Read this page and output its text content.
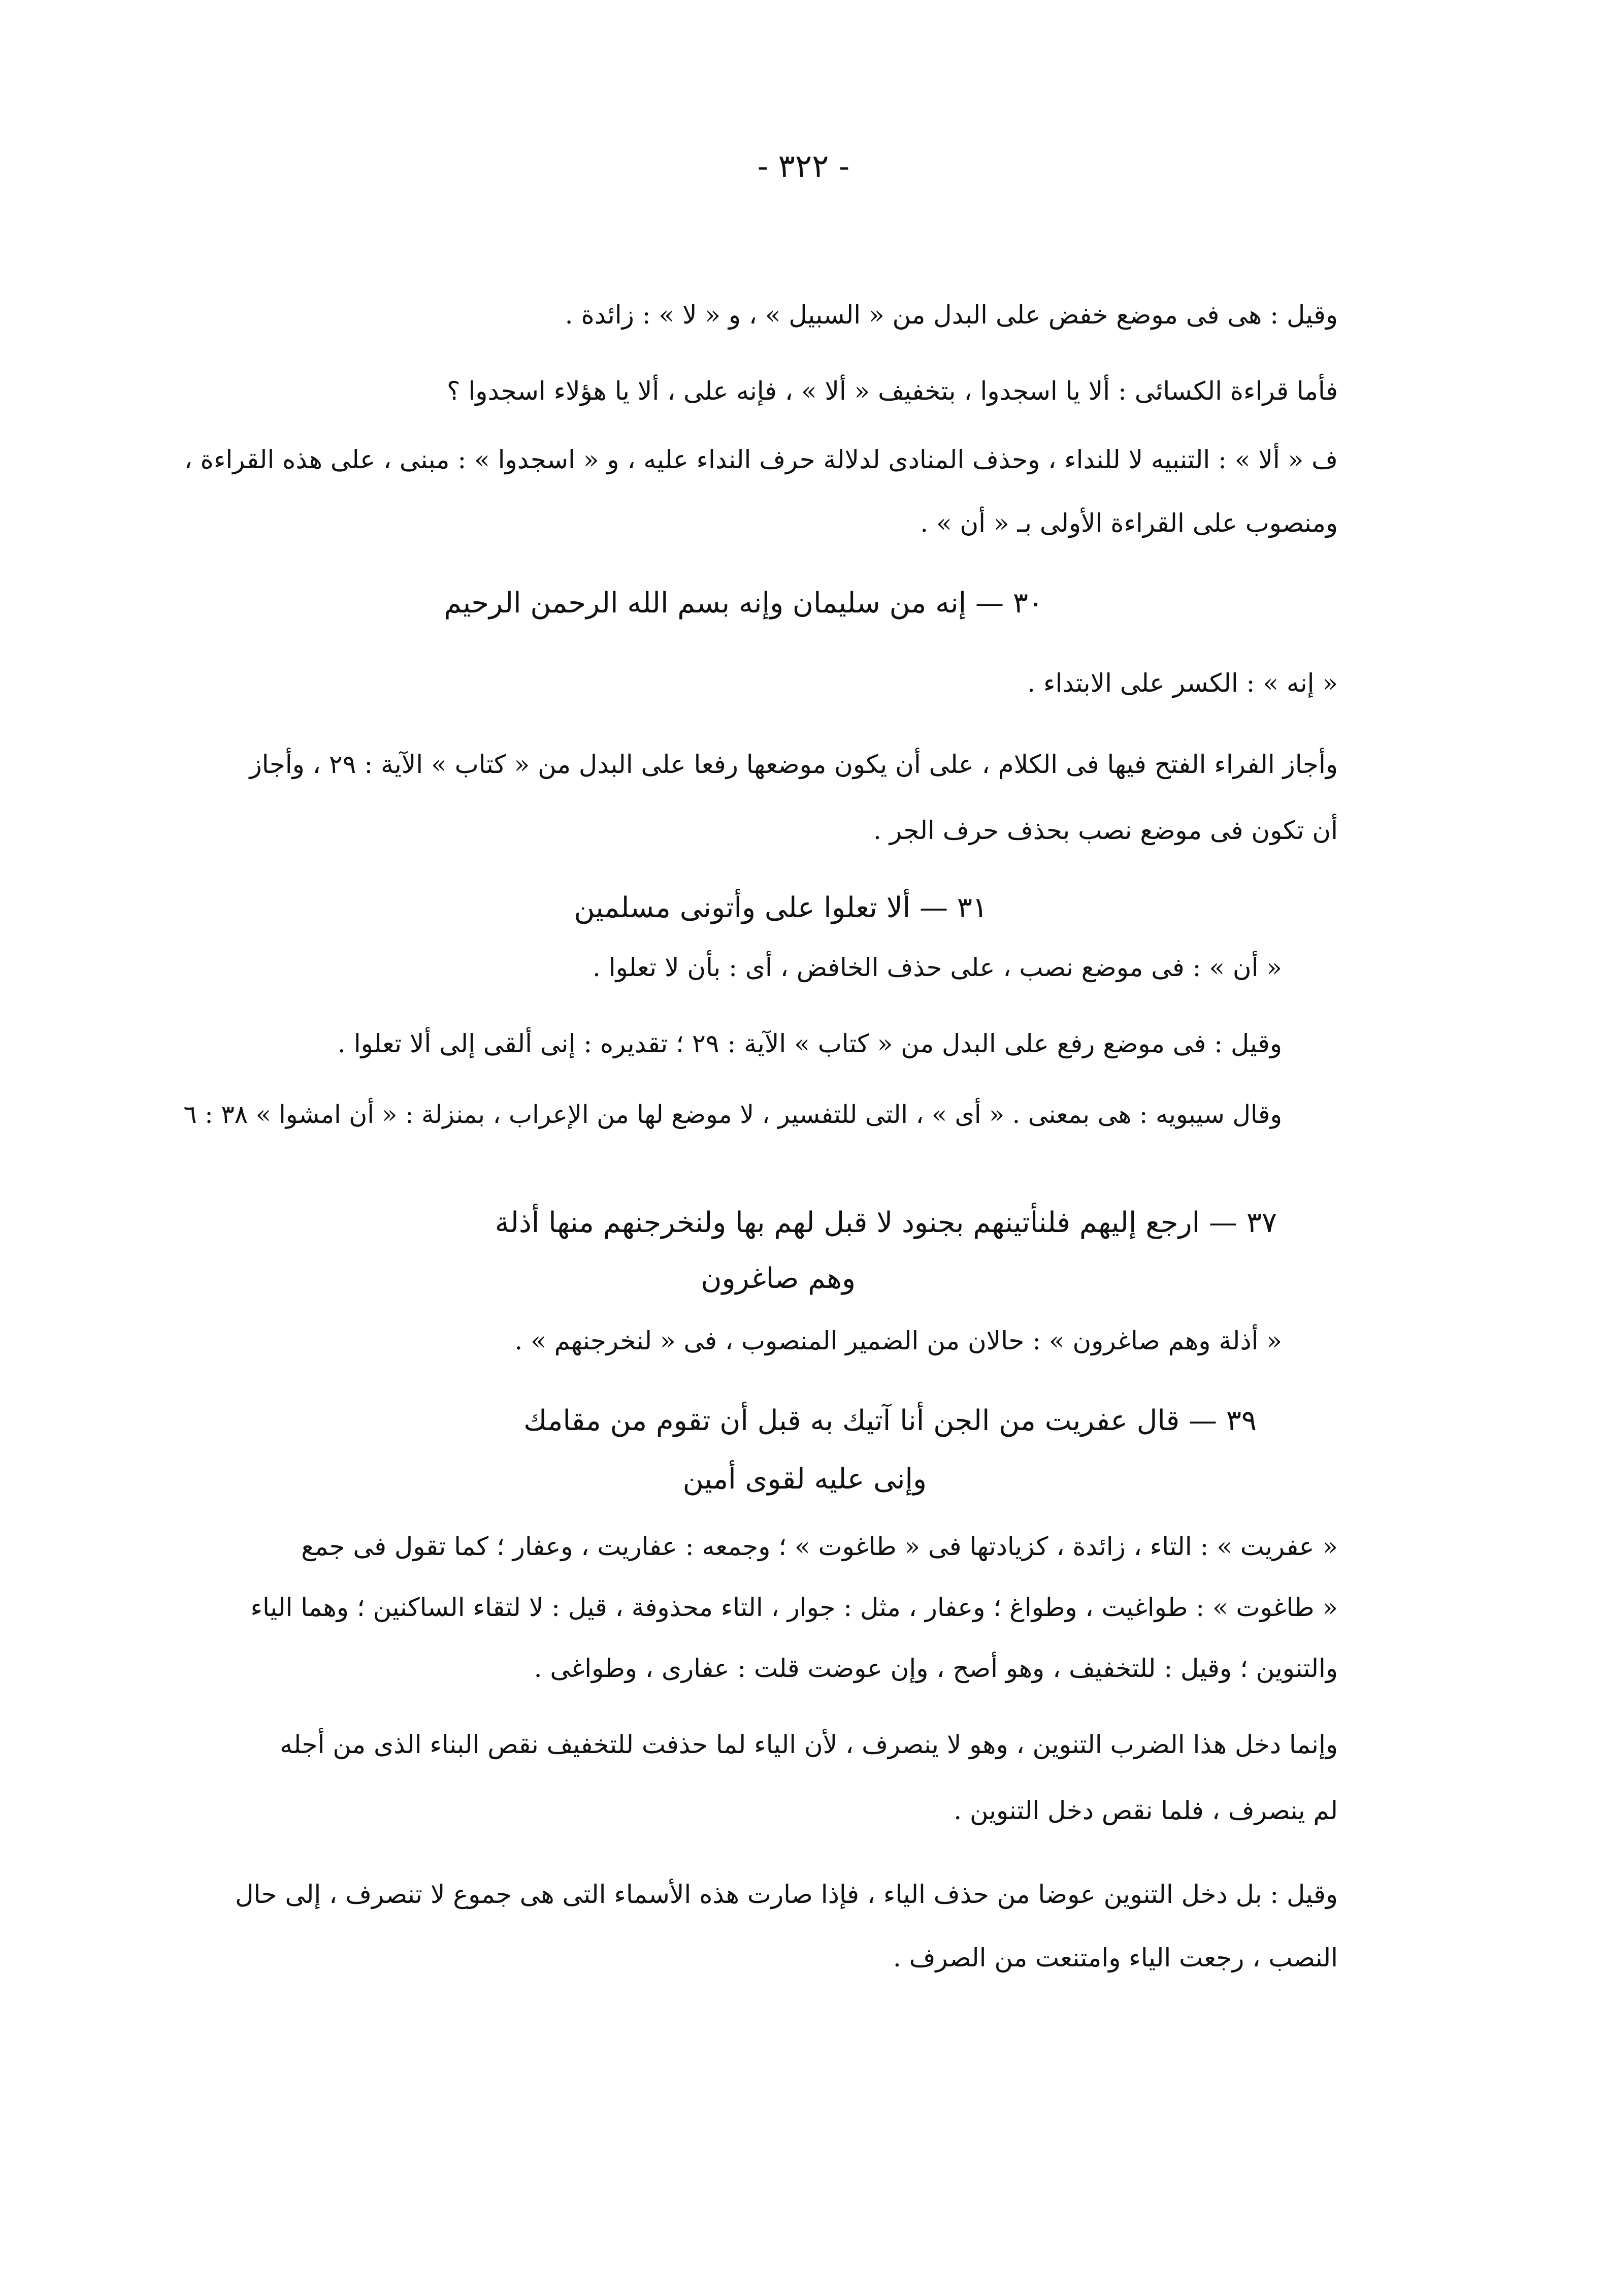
- ٣٢٢ -
وقيل : هى فى موضع خفض على البدل من « السبيل » ، و « لا » : زائدة .
فأما قراءة الكسائى : ألا يا اسجدوا ، بتخفيف « ألا » ، فإنه على ، ألا يا هؤلاء اسجدوا ؟
ف « ألا » : التنبيه لا للنداء ، وحذف المنادى لدلالة حرف النداء عليه ، و « اسجدوا » : مبنى ، على هذه القراءة ،
ومنصوب على القراءة الأولى بـ « أن » .
٣٠ — إنه من سليمان وإنه بسم الله الرحمن الرحيم
« إنه » : الكسر على الابتداء .
وأجاز الفراء الفتح فيها فى الكلام ، على أن يكون موضعها رفعا على البدل من « كتاب » الآية : ٢٩ ، وأجاز
أن تكون فى موضع نصب بحذف حرف الجر .
٣١ — ألا تعلوا على وأتونى مسلمين
« أن » : فى موضع نصب ، على حذف الخافض ، أى : بأن لا تعلوا .
وقيل : فى موضع رفع على البدل من « كتاب » الآية : ٢٩ ؛ تقديره : إنى ألقى إلى ألا تعلوا .
وقال سيبويه : هى بمعنى . « أى » ، التى للتفسير ، لا موضع لها من الإعراب ، بمنزلة : « أن امشوا » ٣٨ : ٦
٣٧ — ارجع إليهم فلنأتينهم بجنود لا قبل لهم بها ولنخرجنهم منها أذلة
وهم صاغرون
« أذلة وهم صاغرون » : حالان من الضمير المنصوب ، فى « لنخرجنهم » .
٣٩ — قال عفريت من الجن أنا آتيك به قبل أن تقوم من مقامك
وإنى عليه لقوى أمين
« عفريت » : التاء ، زائدة ، كزيادتها فى « طاغوت » ؛ وجمعه : عفاريت ، وعفار ؛ كما تقول فى جمع
« طاغوت » : طواغيت ، وطواغ ؛ وعفار ، مثل : جوار ، التاء محذوفة ، قيل : لا لتقاء الساكنين ؛ وهما الياء
والتنوين ؛ وقيل : للتخفيف ، وهو أصح ، وإن عوضت قلت : عفارى ، وطواغى .
وإنما دخل هذا الضرب التنوين ، وهو لا ينصرف ، لأن الياء لما حذفت للتخفيف نقص البناء الذى من أجله
لم ينصرف ، فلما نقص دخل التنوين .
وقيل : بل دخل التنوين عوضا من حذف الياء ، فإذا صارت هذه الأسماء التى هى جموع لا تنصرف ، إلى حال
النصب ، رجعت الياء وامتنعت من الصرف .
